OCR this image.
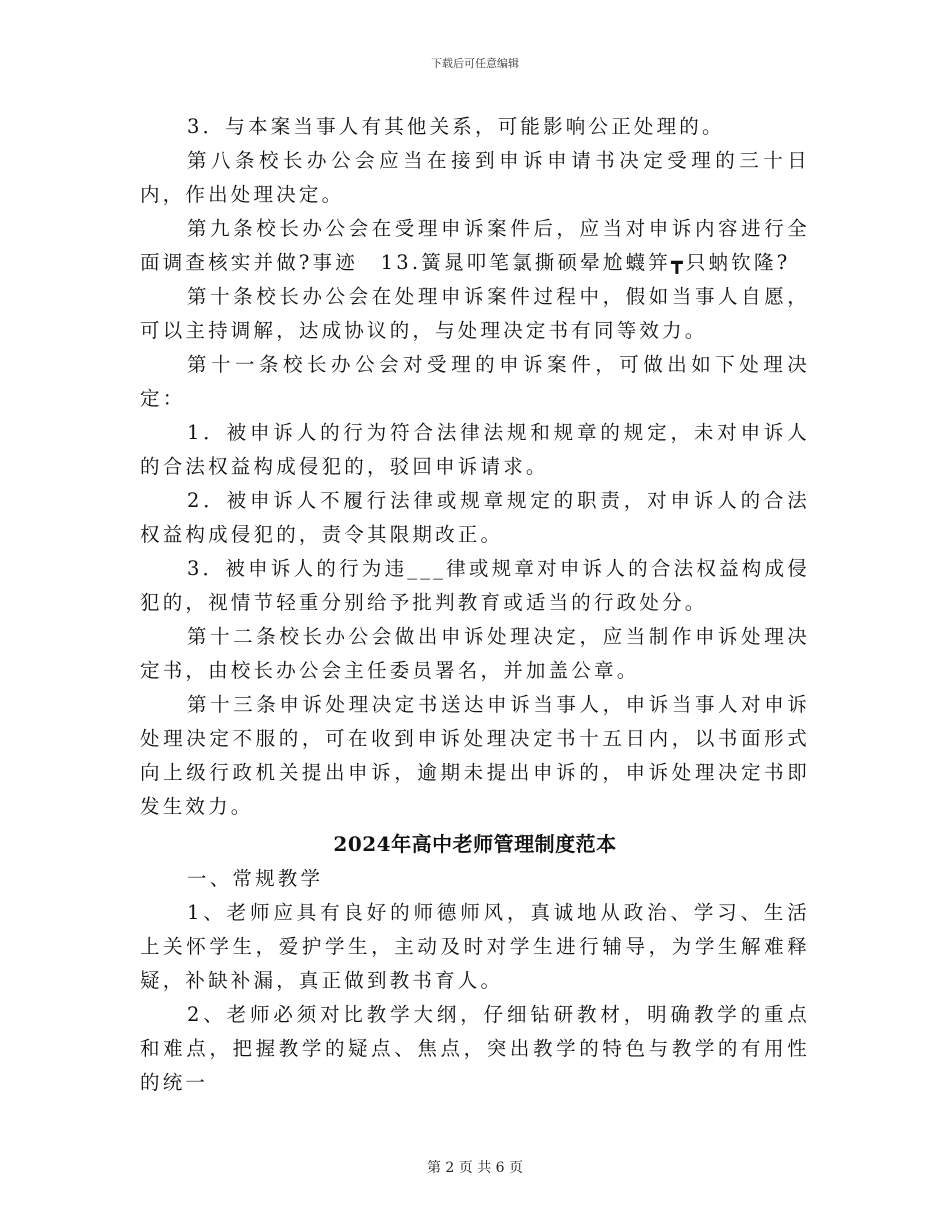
下载后可任意编辑

3．与本案当事人有其他关系，可能影响公正处理的。

第八条校长办公会应当在接到申诉申请书决定受理的三十日内，作出处理决定。

第九条校长办公会在受理申诉案件后，应当对申诉内容进行全面调查核实并做?事迹　13.簧晁叩笔氯撕硕晕尬蠛笄┳只蚋钦隆?

第十条校长办公会在处理申诉案件过程中，假如当事人自愿，可以主持调解，达成协议的，与处理决定书有同等效力。

第十一条校长办公会对受理的申诉案件，可做出如下处理决定：

1．被申诉人的行为符合法律法规和规章的规定，未对申诉人的合法权益构成侵犯的，驳回申诉请求。

2．被申诉人不履行法律或规章规定的职责，对申诉人的合法权益构成侵犯的，责令其限期改正。

3．被申诉人的行为违___律或规章对申诉人的合法权益构成侵犯的，视情节轻重分别给予批判教育或适当的行政处分。

第十二条校长办公会做出申诉处理决定，应当制作申诉处理决定书，由校长办公会主任委员署名，并加盖公章。

第十三条申诉处理决定书送达申诉当事人，申诉当事人对申诉处理决定不服的，可在收到申诉处理决定书十五日内，以书面形式向上级行政机关提出申诉，逾期未提出申诉的，申诉处理决定书即发生效力。

2024年高中老师管理制度范本

一、常规教学

1、老师应具有良好的师德师风，真诚地从政治、学习、生活上关怀学生，爱护学生，主动及时对学生进行辅导，为学生解难释疑，补缺补漏，真正做到教书育人。

2、老师必须对比教学大纲，仔细钻研教材，明确教学的重点和难点，把握教学的疑点、焦点，突出教学的特色与教学的有用性的统一

第 2 页 共 6 页
